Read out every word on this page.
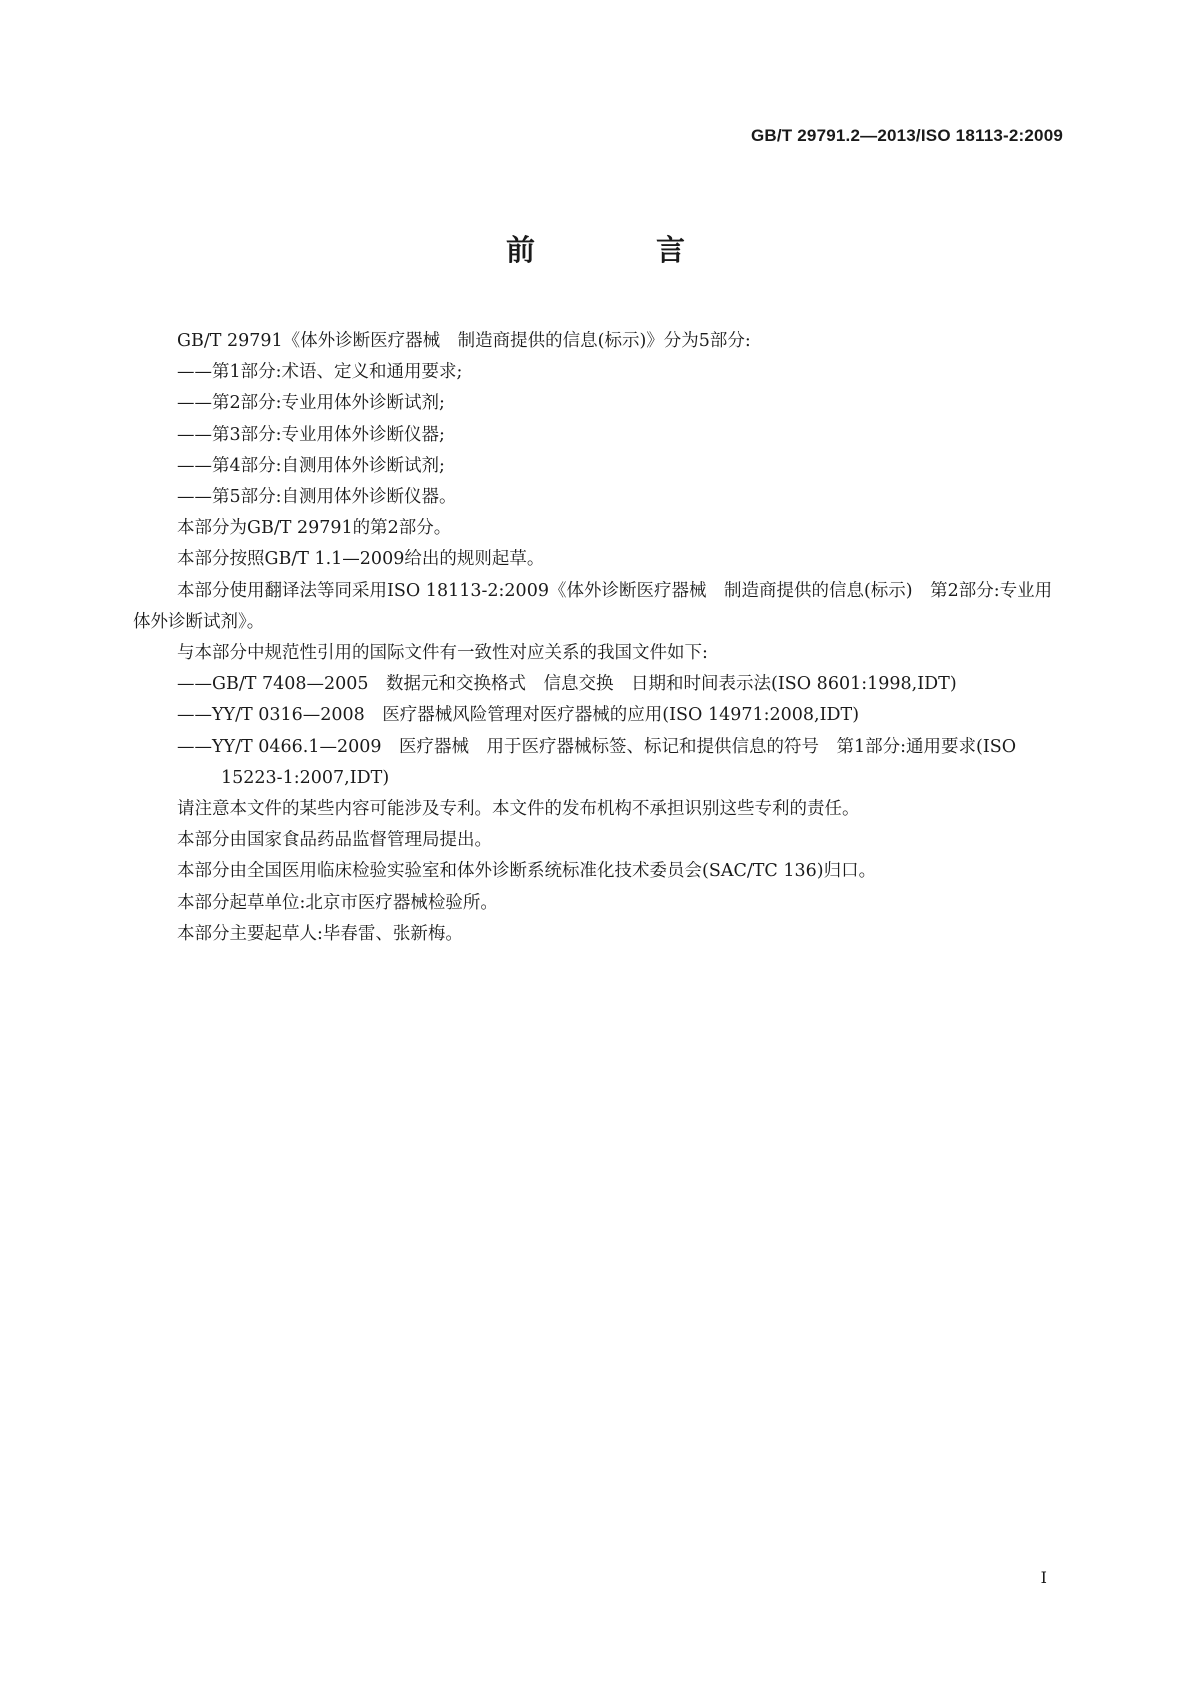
GB/T 29791.2—2013/ISO 18113-2:2009
前　言

GB/T 29791《体外诊断医疗器械　制造商提供的信息(标示)》分为5部分:

——第1部分:术语、定义和通用要求;

——第2部分:专业用体外诊断试剂;

——第3部分:专业用体外诊断仪器;

——第4部分:自测用体外诊断试剂;

——第5部分:自测用体外诊断仪器。

本部分为GB/T 29791的第2部分。

本部分按照GB/T 1.1—2009给出的规则起草。

本部分使用翻译法等同采用ISO 18113-2:2009《体外诊断医疗器械　制造商提供的信息(标示)　第2部分:专业用体外诊断试剂》。

与本部分中规范性引用的国际文件有一致性对应关系的我国文件如下:

——GB/T 7408—2005　数据元和交换格式　信息交换　日期和时间表示法(ISO 8601:1998,IDT)

——YY/T 0316—2008　医疗器械风险管理对医疗器械的应用(ISO 14971:2008,IDT)

——YY/T 0466.1—2009　医疗器械　用于医疗器械标签、标记和提供信息的符号　第1部分:通用要求(ISO 15223-1:2007,IDT)

请注意本文件的某些内容可能涉及专利。本文件的发布机构不承担识别这些专利的责任。

本部分由国家食品药品监督管理局提出。

本部分由全国医用临床检验实验室和体外诊断系统标准化技术委员会(SAC/TC 136)归口。

本部分起草单位:北京市医疗器械检验所。

本部分主要起草人:毕春雷、张新梅。

I
